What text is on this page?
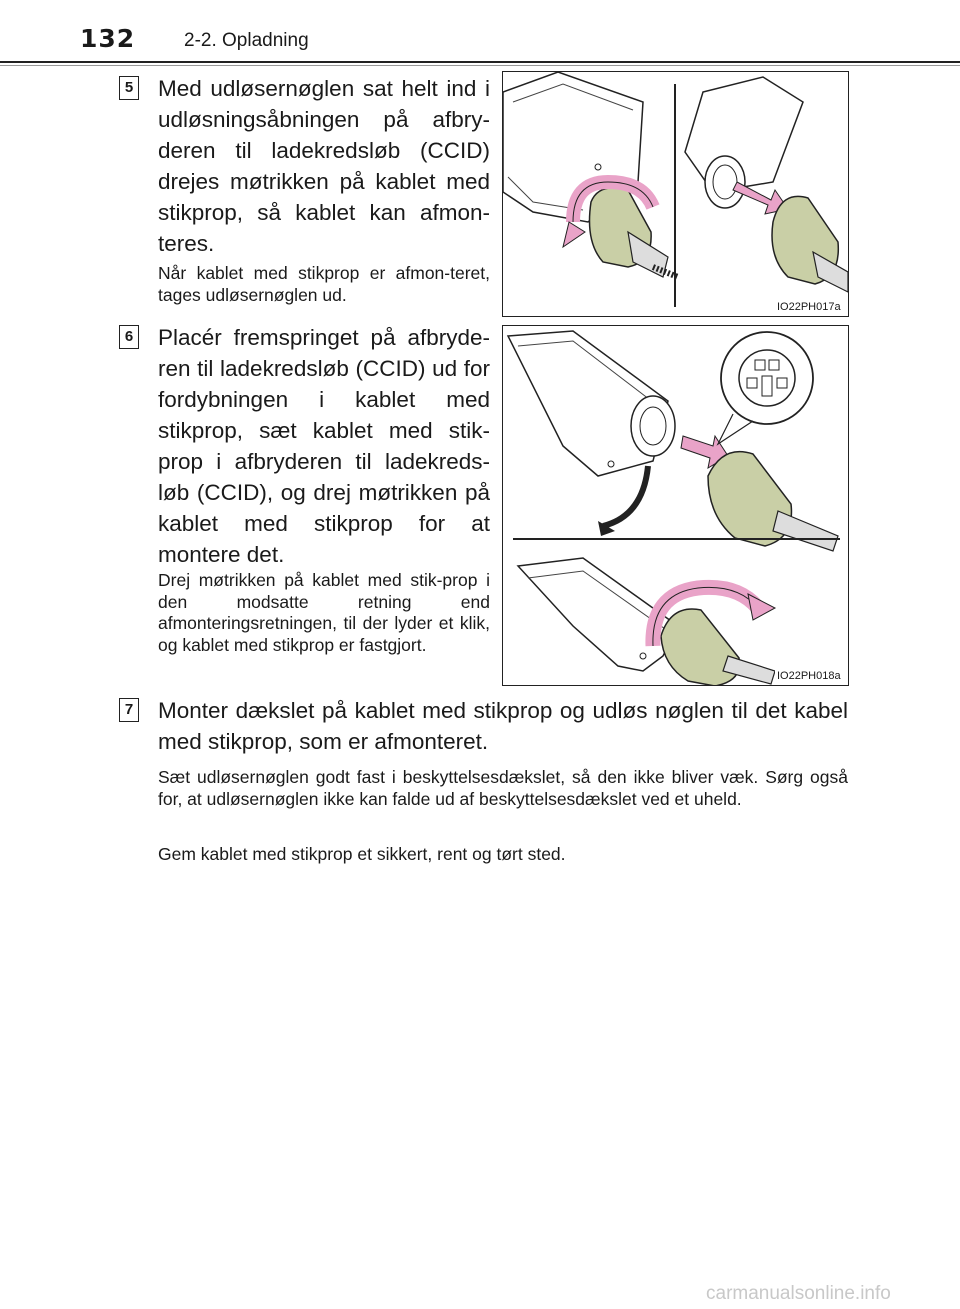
132	2-2. Opladning
5 Med udløsernøglen sat helt ind i udløsningsåbningen på afbry-deren til ladekredsløb (CCID) drejes møtrikken på kablet med stikprop, så kablet kan afmon-teres.
Når kablet med stikprop er afmon-teret, tages udløsernøglen ud.
IO22PH017a
6 Placér fremspringet på afbryde-ren til ladekredsløb (CCID) ud for fordybningen i kablet med stikprop, sæt kablet med stik-prop i afbryderen til ladekreds-løb (CCID), og drej møtrikken på kablet med stikprop for at montere det.
Drej møtrikken på kablet med stik-prop i den modsatte retning end afmonteringsretningen, til der lyder et klik, og kablet med stikprop er fastgjort.
IO22PH018a
7 Monter dækslet på kablet med stikprop og udløs nøglen til det kabel med stikprop, som er afmonteret.
Sæt udløsernøglen godt fast i beskyttelsesdækslet, så den ikke bliver væk. Sørg også for, at udløsernøglen ikke kan falde ud af beskyttelsesdækslet ved et uheld.
Gem kablet med stikprop et sikkert, rent og tørt sted.
carmanualsonline.info
